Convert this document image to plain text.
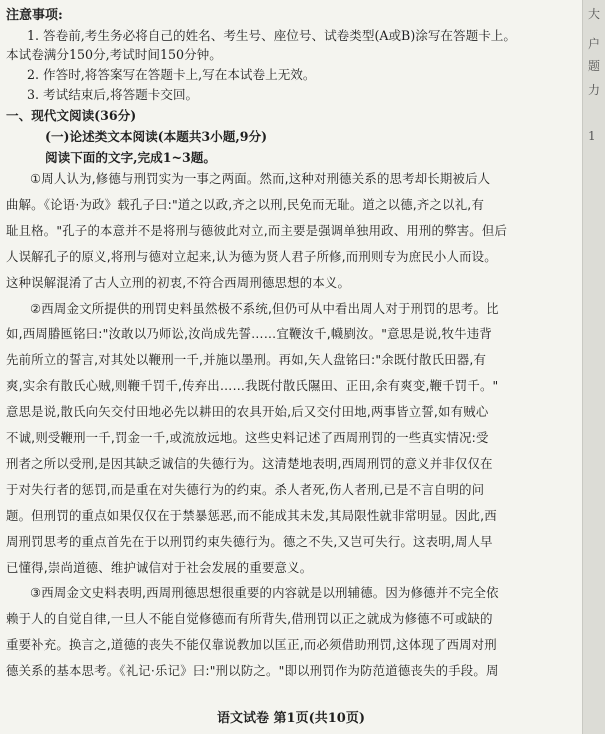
注意事项:
1. 答卷前,考生务必将自己的姓名、考生号、座位号、试卷类型(A或B)涂写在答题卡上。
本试卷满分150分,考试时间150分钟。
2. 作答时,将答案写在答题卡上,写在本试卷上无效。
3. 考试结束后,将答题卡交回。
一、现代文阅读(36分)
(一)论述类文本阅读(本题共3小题,9分)
阅读下面的文字,完成1~3题。
①周人认为,修德与刑罚实为一事之两面。然而,这种对刑德关系的思考却长期被后人
曲解。《论语·为政》载孔子曰:"道之以政,齐之以刑,民免而无耻。道之以德,齐之以礼,有
耻且格。"孔子的本意并不是将刑与德彼此对立,而主要是强调单独用政、用刑的弊害。但后
人误解孔子的原义,将刑与德对立起来,认为德为贤人君子所修,而刑则专为庶民小人而设。
这种误解混淆了古人立刑的初衷,不符合西周刑德思想的本义。
②西周金文所提供的刑罚史料虽然极不系统,但仍可从中看出周人对于刑罚的思考。比
如,西周膡匜铭曰:"汝敢以乃师讼,汝尚成先誓……宜鞭汝千,幭剭汝。"意思是说,牧牛违背
先前所立的誓言,对其处以鞭刑一千,并施以墨刑。再如,矢人盘铭曰:"余既付散氏田器,有
爽,实余有散氏心贼,则鞭千罚千,传弃出……我既付散氏隰田、正田,余有爽变,鞭千罚千。"
意思是说,散氏向矢交付田地必先以耕田的农具开始,后又交付田地,两事皆立誓,如有贼心
不诚,则受鞭刑一千,罚金一千,或流放远地。这些史料记述了西周刑罚的一些真实情况:受
刑者之所以受刑,是因其缺乏诚信的失德行为。这清楚地表明,西周刑罚的意义并非仅仅在
于对失行者的惩罚,而是重在对失德行为的约束。杀人者死,伤人者刑,已是不言自明的问
题。但刑罚的重点如果仅仅在于禁暴惩恶,而不能成其未发,其局限性就非常明显。因此,西
周刑罚思考的重点首先在于以刑罚约束失德行为。德之不失,又岂可失行。这表明,周人早
已懂得,崇尚道德、维护诚信对于社会发展的重要意义。
③西周金文史料表明,西周刑德思想很重要的内容就是以刑辅德。因为修德并不完全依
赖于人的自觉自律,一旦人不能自觉修德而有所背失,借刑罚以正之就成为修德不可或缺的
重要补充。换言之,道德的丧失不能仅靠说教加以匡正,而必须借助刑罚,这体现了西周对刑
德关系的基本思考。《礼记·乐记》曰:"刑以防之。"即以刑罚作为防范道德丧失的手段。周
语文试卷 第1页(共10页)
大
户
题
力
1
